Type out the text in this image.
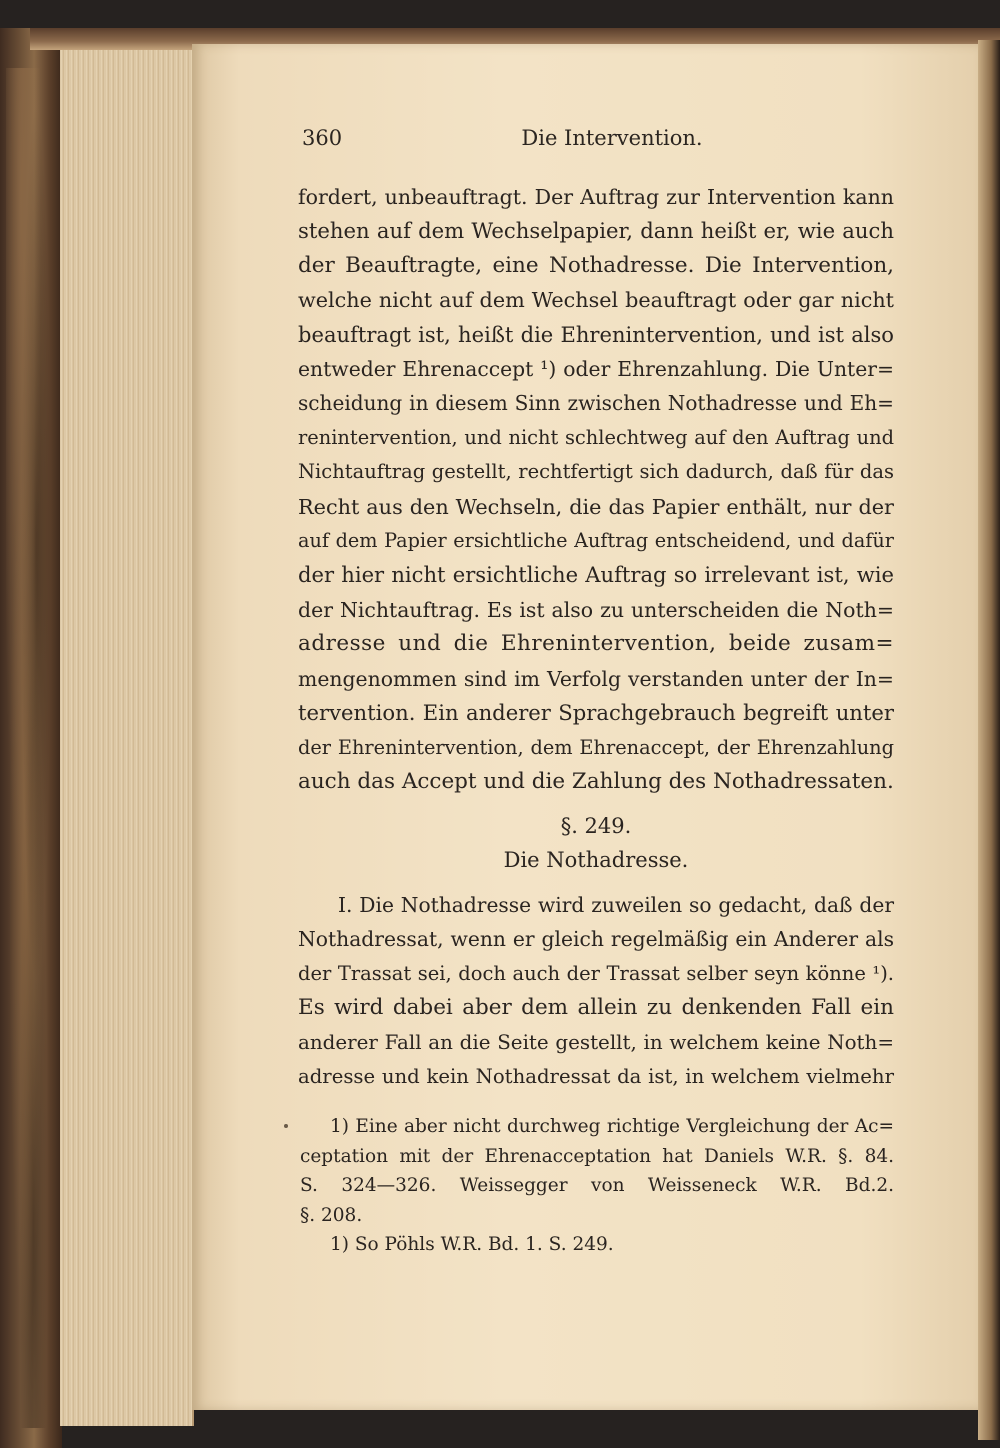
360	Die Intervention.
fordert, unbeauftragt. Der Auftrag zur Intervention kann
stehen auf dem Wechselpapier, dann heißt er, wie auch
der Beauftragte, eine Nothadresse. Die Intervention,
welche nicht auf dem Wechsel beauftragt oder gar nicht
beauftragt ist, heißt die Ehrenintervention, und ist also
entweder Ehrenaccept ¹) oder Ehrenzahlung. Die Unter=
scheidung in diesem Sinn zwischen Nothadresse und Eh=
renintervention, und nicht schlechtweg auf den Auftrag und
Nichtauftrag gestellt, rechtfertigt sich dadurch, daß für das
Recht aus den Wechseln, die das Papier enthält, nur der
auf dem Papier ersichtliche Auftrag entscheidend, und dafür
der hier nicht ersichtliche Auftrag so irrelevant ist, wie
der Nichtauftrag. Es ist also zu unterscheiden die Noth=
adresse und die Ehrenintervention, beide zusam=
mengenommen sind im Verfolg verstanden unter der In=
tervention. Ein anderer Sprachgebrauch begreift unter
der Ehrenintervention, dem Ehrenaccept, der Ehrenzahlung
auch das Accept und die Zahlung des Nothadressaten.
§. 249.
Die Nothadresse.
I. Die Nothadresse wird zuweilen so gedacht, daß der
Nothadressat, wenn er gleich regelmäßig ein Anderer als
der Trassat sei, doch auch der Trassat selber seyn könne ¹).
Es wird dabei aber dem allein zu denkenden Fall ein
anderer Fall an die Seite gestellt, in welchem keine Noth=
adresse und kein Nothadressat da ist, in welchem vielmehr
1) Eine aber nicht durchweg richtige Vergleichung der Ac=
ceptation mit der Ehrenacceptation hat Daniels W.R. §. 84.
S. 324—326. Weissegger von Weisseneck W.R. Bd.2.
§. 208.
1) So Pöhls W.R. Bd. 1. S. 249.
